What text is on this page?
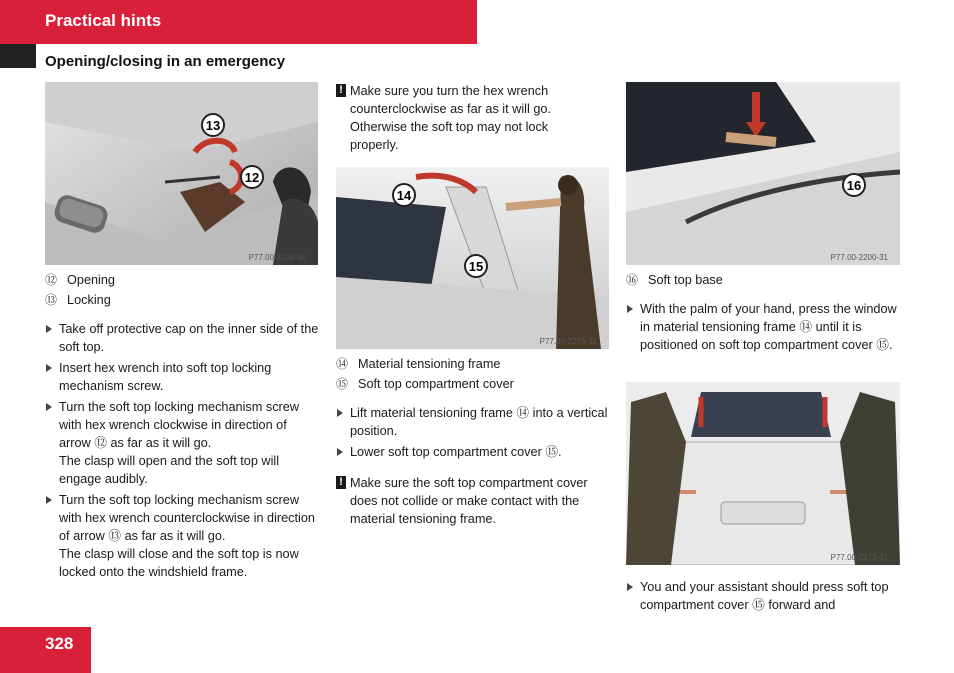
Practical hints
Opening/closing in an emergency
13
12
P77.00-2198-31
14
15
P77.00-2275-31
16
P77.00-2200-31
P77.00-2273-31
⑫ Opening
⑬ Locking
Take off protective cap on the inner side of the soft top.
Insert hex wrench into soft top locking mechanism screw.
Turn the soft top locking mechanism screw with hex wrench clockwise in direction of arrow ⑫ as far as it will go.
The clasp will open and the soft top will engage audibly.
Turn the soft top locking mechanism screw with hex wrench counterclockwise in direction of arrow ⑬ as far as it will go.
The clasp will close and the soft top is now locked onto the windshield frame.
! Make sure you turn the hex wrench counterclockwise as far as it will go. Otherwise the soft top may not lock properly.
⑭ Material tensioning frame
⑮ Soft top compartment cover
Lift material tensioning frame ⑭ into a vertical position.
Lower soft top compartment cover ⑮.
! Make sure the soft top compartment cover does not collide or make contact with the material tensioning frame.
⑯ Soft top base
With the palm of your hand, press the window in material tensioning frame ⑭ until it is positioned on soft top compartment cover ⑮.
You and your assistant should press soft top compartment cover ⑮ forward and
328
